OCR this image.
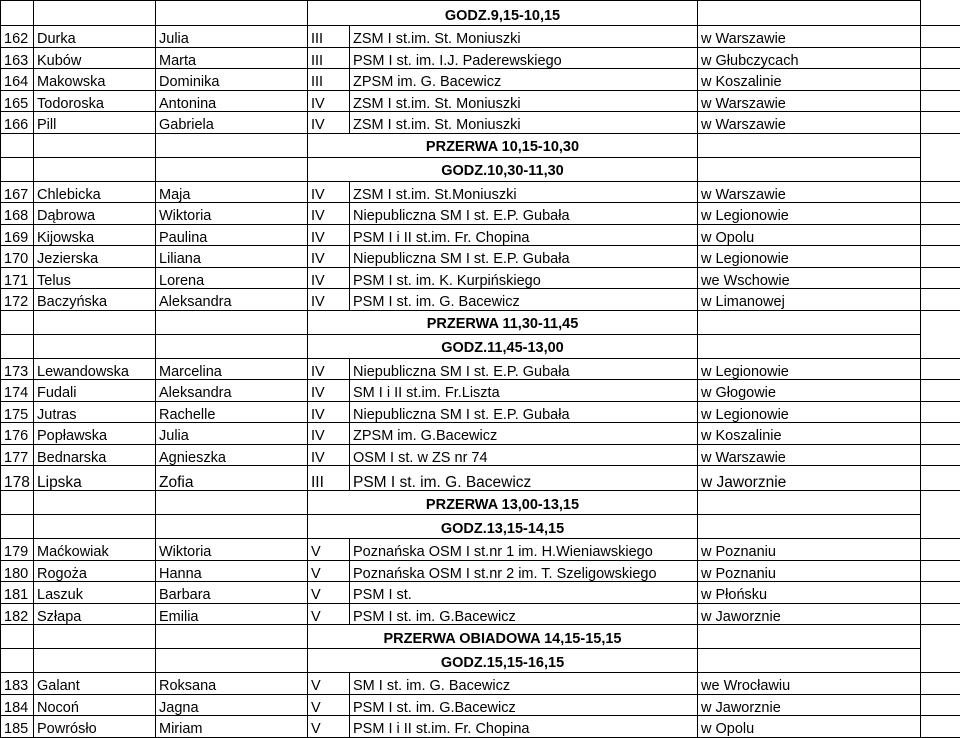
			GODZ.9,15-10,15			
162	Durka	Julia	III	ZSM I st.im. St. Moniuszki	w Warszawie	
163	Kubów	Marta	III	PSM I st. im. I.J. Paderewskiego	w Głubczycach	
164	Makowska	Dominika	III	ZPSM im. G. Bacewicz	w Koszalinie	
165	Todoroska	Antonina	IV	ZSM I st.im. St. Moniuszki	w Warszawie	
166	Pill	Gabriela	IV	ZSM I st.im. St. Moniuszki	w Warszawie	
			PRZERWA 10,15-10,30			
			GODZ.10,30-11,30			
167	Chlebicka	Maja	IV	ZSM I st.im. St.Moniuszki	w Warszawie	
168	Dąbrowa	Wiktoria	IV	Niepubliczna SM I st. E.P. Gubała	w Legionowie	
169	Kijowska	Paulina	IV	PSM I i II st.im. Fr. Chopina	w Opolu	
170	Jezierska	Liliana	IV	Niepubliczna SM I st. E.P. Gubała	w Legionowie	
171	Telus	Lorena	IV	PSM I st. im. K. Kurpińskiego	we Wschowie	
172	Baczyńska	Aleksandra	IV	PSM I st. im. G. Bacewicz	w Limanowej	
			PRZERWA 11,30-11,45			
			GODZ.11,45-13,00			
173	Lewandowska	Marcelina	IV	Niepubliczna SM I st. E.P. Gubała	w Legionowie	
174	Fudali	Aleksandra	IV	SM I i II st.im. Fr.Liszta	w Głogowie	
175	Jutras	Rachelle	IV	Niepubliczna SM I st. E.P. Gubała	w Legionowie	
176	Popławska	Julia	IV	ZPSM im. G.Bacewicz	w Koszalinie	
177	Bednarska	Agnieszka	IV	OSM I st. w ZS nr 74	w Warszawie	
178	Lipska	Zofia	III	PSM I st. im. G. Bacewicz	w Jaworznie	
			PRZERWA 13,00-13,15			
			GODZ.13,15-14,15			
179	Maćkowiak	Wiktoria	V	Poznańska OSM I st.nr 1 im. H.Wieniawskiego	w Poznaniu	
180	Rogoża	Hanna	V	Poznańska OSM I st.nr 2 im. T. Szeligowskiego	w Poznaniu	
181	Laszuk	Barbara	V	PSM I st.	w Płońsku	
182	Szłapa	Emilia	V	PSM I st. im. G.Bacewicz	w Jaworznie	
			PRZERWA OBIADOWA 14,15-15,15			
			GODZ.15,15-16,15			
183	Galant	Roksana	V	SM I st. im. G. Bacewicz	we Wrocławiu	
184	Nocoń	Jagna	V	PSM I st. im. G.Bacewicz	w Jaworznie	
185	Powrósło	Miriam	V	PSM I i II st.im. Fr. Chopina	w Opolu	
